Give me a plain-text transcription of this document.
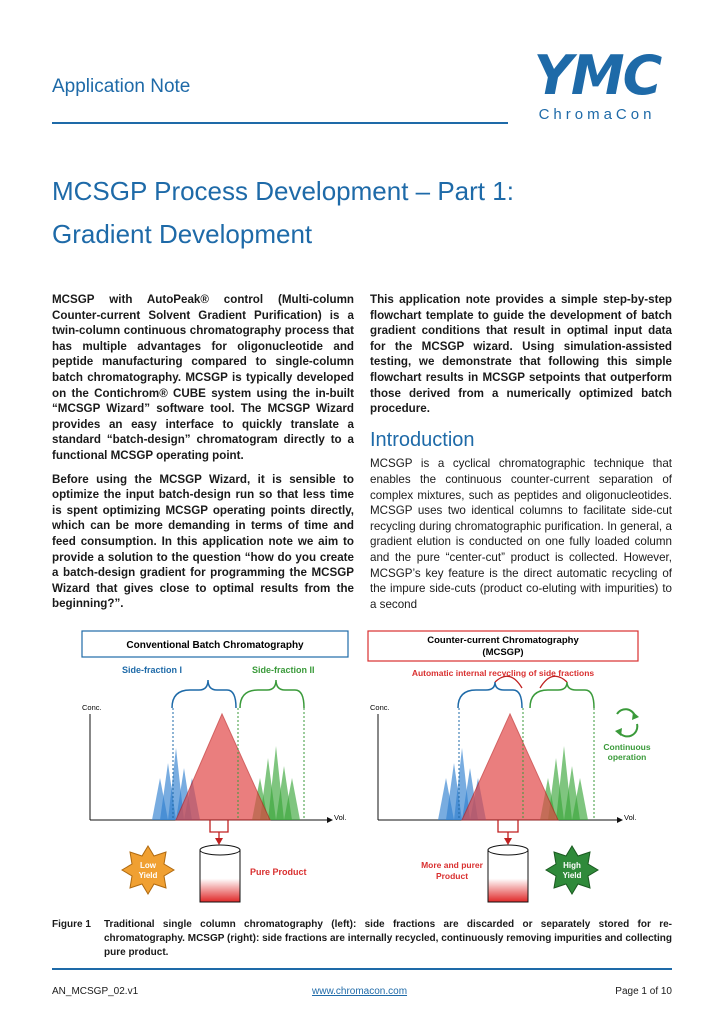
Application Note	YMC
ChromaCon
MCSGP Process Development – Part 1:
Gradient Development

MCSGP with AutoPeak® control (Multi-column Counter-current Solvent Gradient Purification) is a twin-column continuous chromatography process that has multiple advantages for oligonucleotide and peptide manufacturing compared to single-column batch chromatography. MCSGP is typically developed on the Contichrom® CUBE system using the in-built “MCSGP Wizard” software tool. The MCSGP Wizard provides an easy interface to quickly translate a standard “batch-design” chromatogram directly to a functional MCSGP operating point.

Before using the MCSGP Wizard, it is sensible to optimize the input batch-design run so that less time is spent optimizing MCSGP operating points directly, which can be more demanding in terms of time and feed consumption. In this application note we aim to provide a solution to the question “how do you create a batch-design gradient for programming the MCSGP Wizard that gives close to optimal results from the beginning?”.

This application note provides a simple step-by-step flowchart template to guide the development of batch gradient conditions that result in optimal input data for the MCSGP wizard. Using simulation-assisted testing, we demonstrate that following this simple flowchart results in MCSGP setpoints that outperform those derived from a numerically optimized batch procedure.

Introduction

MCSGP is a cyclical chromatographic technique that enables the continuous counter-current separation of complex mixtures, such as peptides and oligonucleotides. MCSGP uses two identical columns to facilitate side-cut recycling during chromatographic purification. In general, a gradient elution is conducted on one fully loaded column and the pure “center-cut” product is collected. However, MCSGP’s key feature is the direct automatic recycling of the impure side-cuts (product co-eluting with impurities) to a second

Conventional Batch Chromatography
Side-fraction I	Side-fraction II
Conc.
Vol.
Pure Product
Low
Yield
Counter-current Chromatography
(MCSGP)
Automatic internal recycling of side fractions
Conc.
Vol.
Continuous
operation
More and purer
Product
High
Yield
Figure 1	Traditional single column chromatography (left): side fractions are discarded or separately stored for re-chromatography. MCSGP (right): side fractions are internally recycled, continuously removing impurities and collecting pure product.
AN_MCSGP_02.v1	www.chromacon.com	Page 1 of 10
